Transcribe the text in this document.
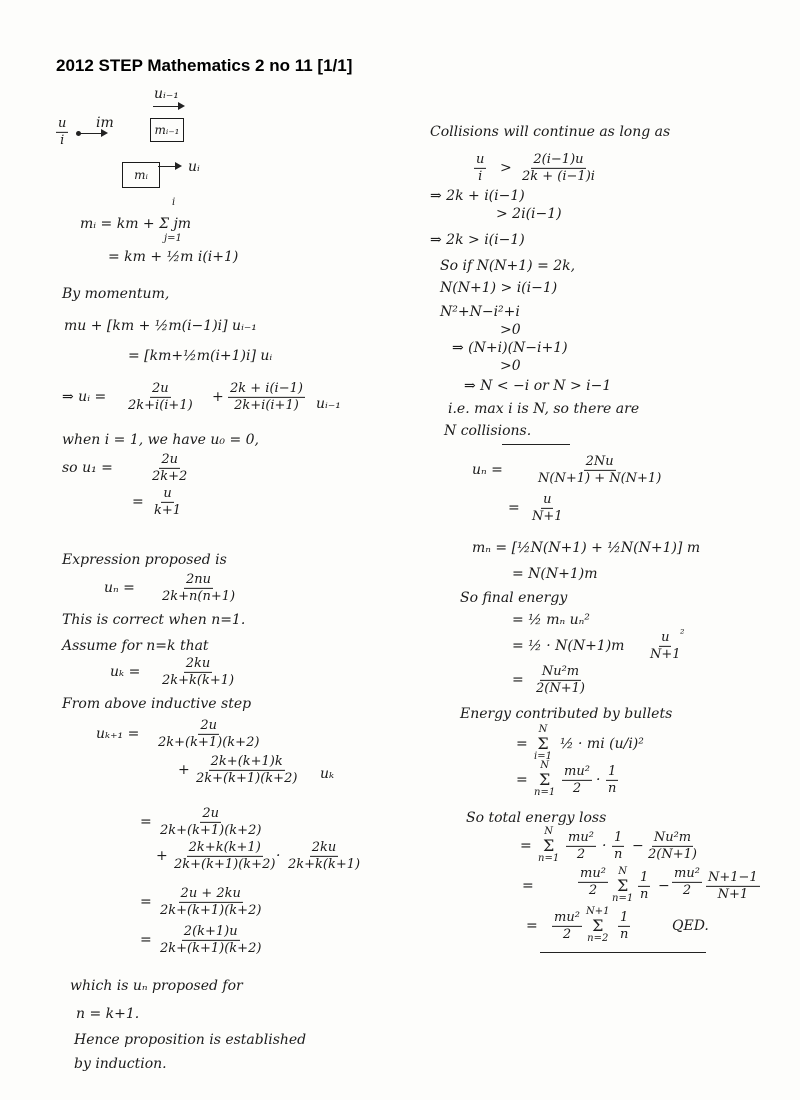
2012 STEP Mathematics 2 no 11 [1/1]
$\frac{u}{i}$ im
uᵢ₋₁
mᵢ₋₁
mᵢ	uᵢ
mᵢ = km + Σ jm
i
j=1
= km + ½m i(i+1)
By momentum,
mu + [km + ½m(i−1)i] uᵢ₋₁
= [km+½m(i+1)i] uᵢ
⇒ uᵢ = $\frac{2u}{2k+i(i+1)} + \frac{2k + i(i-1)}{2k+i(i+1)}$ uᵢ₋₁
when i = 1, we have u₀ = 0,
so u₁ =	$\frac{2u}{2k+2}$
= $\frac{u}{k+1}$
Expression proposed is
$u_n = \frac{2nu}{2k+n(n+1)}$
This is correct when n=1.
Assume for n=k that
$u_k = \frac{2ku}{2k+k(k+1)}$
From above inductive step
$u_{k+1} = \frac{2u}{2k+(k+1)(k+2)}$
+ $\frac{2k+(k+1)k}{2k+(k+1)(k+2)}$ uₖ
= $\frac{2u}{2k+(k+1)(k+2)}$
+ $\frac{2k+k(k+1)}{2k+(k+1)(k+2)}$
· $\frac{2ku}{2k+k(k+1)}$
= $\frac{2u + 2ku}{2k+(k+1)(k+2)}$
= $\frac{2(k+1)u}{2k+(k+1)(k+2)}$
which is uₙ proposed for
n = k+1.
Hence proposition is established
by induction.
Collisions will continue as long as
$\frac{u}{i} > \frac{2(i-1)u}{2k + (i-1)i}$
⇒ 2k + i(i−1)
> 2i(i−1)
⇒ 2k > i(i−1)
So if N(N+1) = 2k,
N(N+1) > i(i−1)
N²+N−i²+i
>0
⇒ (N+i)(N−i+1)
>0
⇒ N < −i or N > i−1
i.e. max i is N, so there are
N collisions.
uₙ =	$\frac{2Nu}{N(N+1) + N(N+1)}$
= $\frac{u}{N+1}$
mₙ = [½N(N+1) + ½N(N+1)] m
= N(N+1)m
So final energy
= ½ mₙ uₙ²
= ½ · $N(N+1)m \frac{u}{N+1}$
²
= $\frac{\text{Nu²m}}{2(N+1)}$
Energy contributed by bullets
=
N
Σ
i=1
½ · mi (u/i)²
=
N
Σ
$n=1 \frac{\text{mu²}}{2} \cdot \frac{1}{n}$
So total energy loss
=
N
Σ
$n=1 \frac{\text{mu²}}{2} \cdot \frac{1}{n} - \frac{\text{Nu²m}}{2(N+1)}$
=	$\frac{\text{mu²}}{2}$ N
Σ
$n=1 \frac{1}{n} - \frac{\text{mu²}}{2} \frac{N+1-1}{N+1}$
= $\frac{\text{mu²}}{2} N+1$
Σ
$n=2 \frac{1}{n}$	QED.
